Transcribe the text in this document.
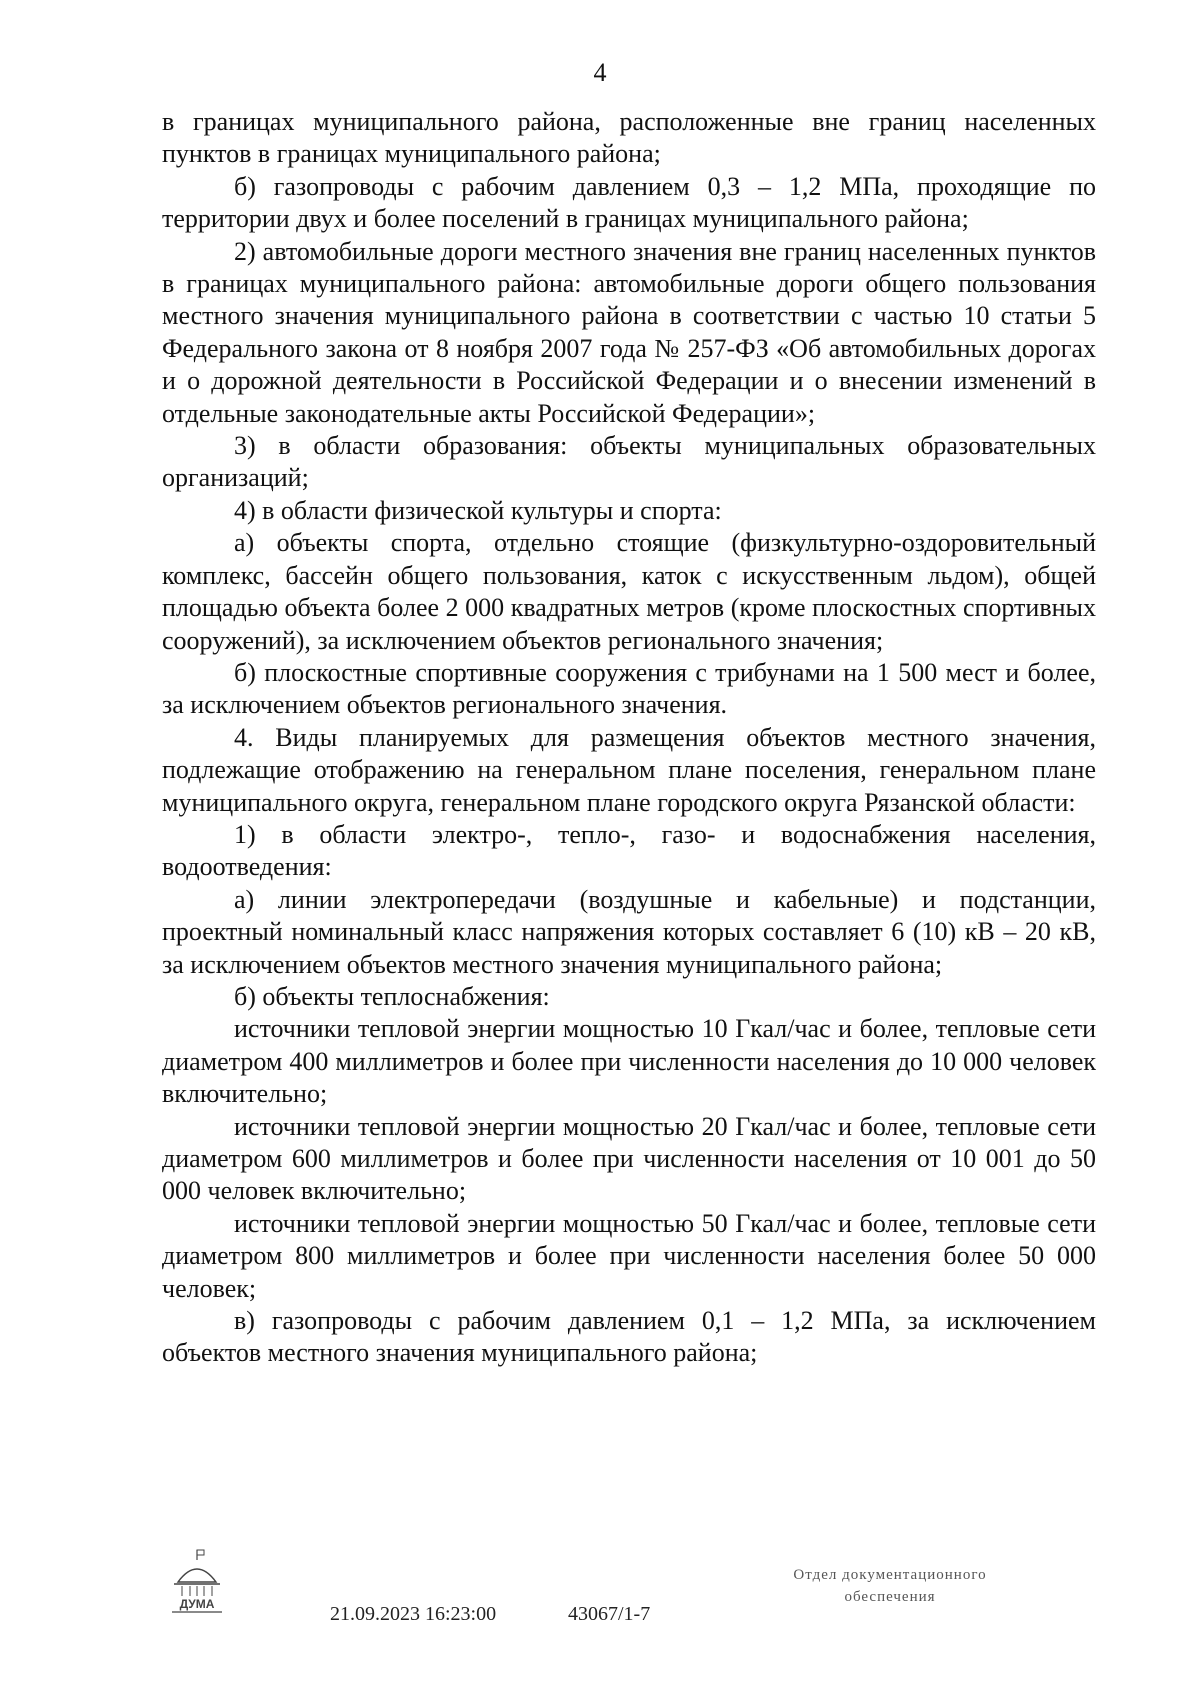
4

в границах муниципального района, расположенные вне границ населенных пунктов в границах муниципального района;

б) газопроводы с рабочим давлением 0,3 – 1,2 МПа, проходящие по территории двух и более поселений в границах муниципального района;

2) автомобильные дороги местного значения вне границ населенных пунктов в границах муниципального района: автомобильные дороги общего пользования местного значения муниципального района в соответствии с частью 10 статьи 5 Федерального закона от 8 ноября 2007 года № 257-ФЗ «Об автомобильных дорогах и о дорожной деятельности в Российской Федерации и о внесении изменений в отдельные законодательные акты Российской Федерации»;

3) в области образования: объекты муниципальных образовательных организаций;

4) в области физической культуры и спорта:

а) объекты спорта, отдельно стоящие (физкультурно-оздоровительный комплекс, бассейн общего пользования, каток с искусственным льдом), общей площадью объекта более 2 000 квадратных метров (кроме плоскостных спортивных сооружений), за исключением объектов регионального значения;

б) плоскостные спортивные сооружения с трибунами на 1 500 мест и более, за исключением объектов регионального значения.

4. Виды планируемых для размещения объектов местного значения, подлежащие отображению на генеральном плане поселения, генеральном плане муниципального округа, генеральном плане городского округа Рязанской области:

1) в области электро-, тепло-, газо- и водоснабжения населения, водоотведения:

а) линии электропередачи (воздушные и кабельные) и подстанции, проектный номинальный класс напряжения которых составляет 6 (10) кВ – 20 кВ, за исключением объектов местного значения муниципального района;

б) объекты теплоснабжения:

источники тепловой энергии мощностью 10 Гкал/час и более, тепловые сети диаметром 400 миллиметров и более при численности населения до 10 000 человек включительно;

источники тепловой энергии мощностью 20 Гкал/час и более, тепловые сети диаметром 600 миллиметров и более при численности населения от 10 001 до 50 000 человек включительно;

источники тепловой энергии мощностью 50 Гкал/час и более, тепловые сети диаметром 800 миллиметров и более при численности населения более 50 000 человек;

в) газопроводы с рабочим давлением 0,1 – 1,2 МПа, за исключением объектов местного значения муниципального района;

ДУМА	21.09.2023 16:23:00	43067/1-7
Отдел документационного
обеспечения
